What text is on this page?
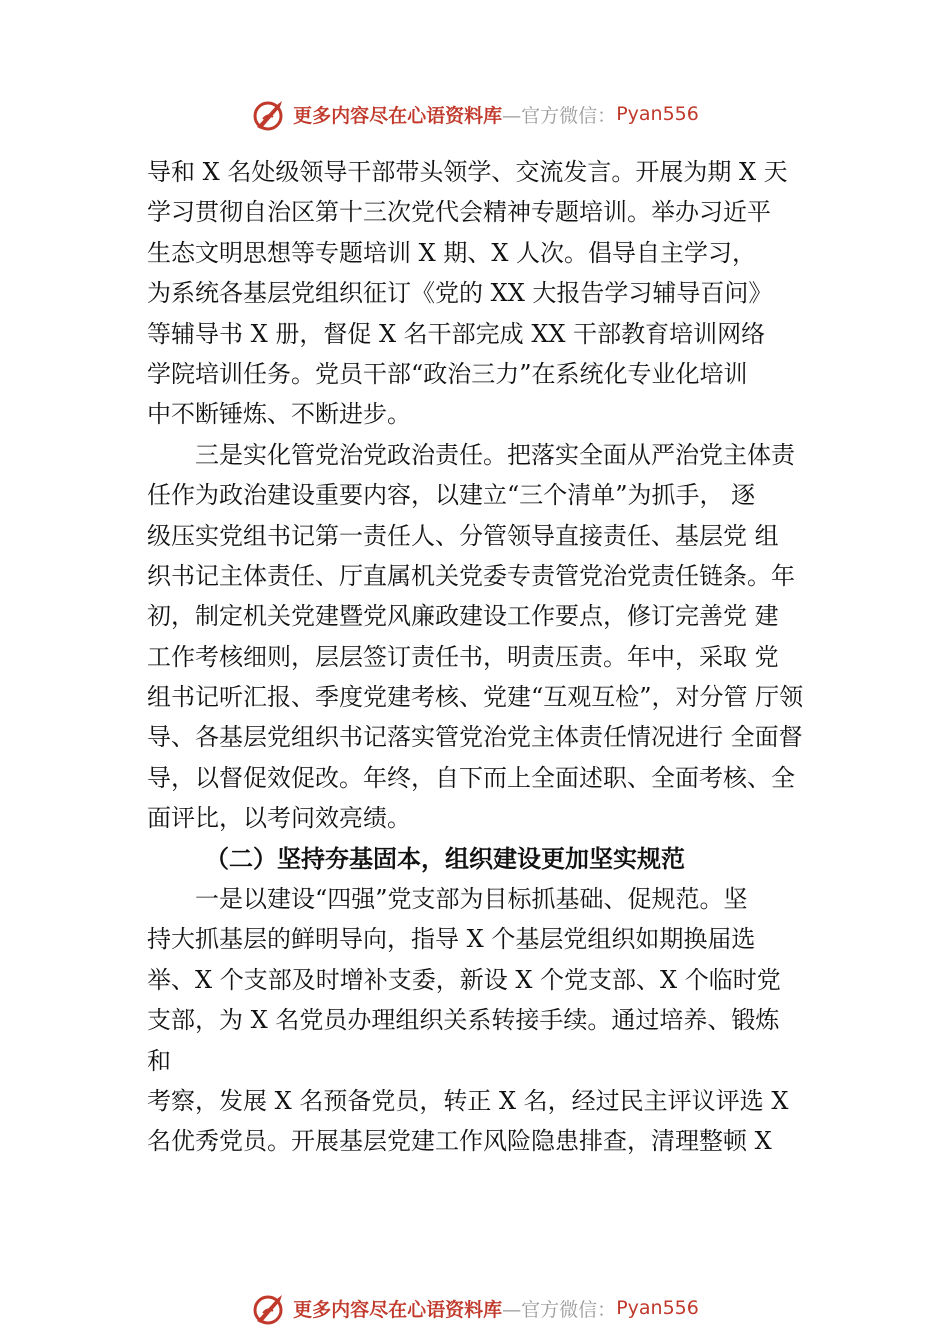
更多内容尽在心语资料库 —官方微信： Pyan556
导和 X 名处级领导干部带头领学、交流发言。开展为期 X 天
学习贯彻自治区第十三次党代会精神专题培训。举办习近平
生态文明思想等专题培训 X 期、X 人次。倡导自主学习，
为系统各基层党组织征订《党的 XX 大报告学习辅导百问》
等辅导书 X 册，督促 X 名干部完成 XX 干部教育培训网络
学院培训任务。党员干部“政治三力”在系统化专业化培训
中不断锤炼、不断进步。
三是实化管党治党政治责任。把落实全面从严治党主体责
任作为政治建设重要内容，以建立“三个清单”为抓手， 逐
级压实党组书记第一责任人、分管领导直接责任、基层党 组
织书记主体责任、厅直属机关党委专责管党治党责任链条。年
初，制定机关党建暨党风廉政建设工作要点，修订完善党 建
工作考核细则，层层签订责任书，明责压责。年中，采取 党
组书记听汇报、季度党建考核、党建“互观互检”，对分管 厅领
导、各基层党组织书记落实管党治党主体责任情况进行 全面督
导，以督促效促改。年终，自下而上全面述职、全面考核、全
面评比，以考问效亮绩。
（二）坚持夯基固本，组织建设更加坚实规范
一是以建设“四强”党支部为目标抓基础、促规范。坚
持大抓基层的鲜明导向，指导 X 个基层党组织如期换届选
举、X 个支部及时增补支委，新设 X 个党支部、X 个临时党
支部，为 X 名党员办理组织关系转接手续。通过培养、锻炼
和
考察，发展 X 名预备党员，转正 X 名，经过民主评议评选 X
名优秀党员。开展基层党建工作风险隐患排查，清理整顿 X
更多内容尽在心语资料库 —官方微信： Pyan556
